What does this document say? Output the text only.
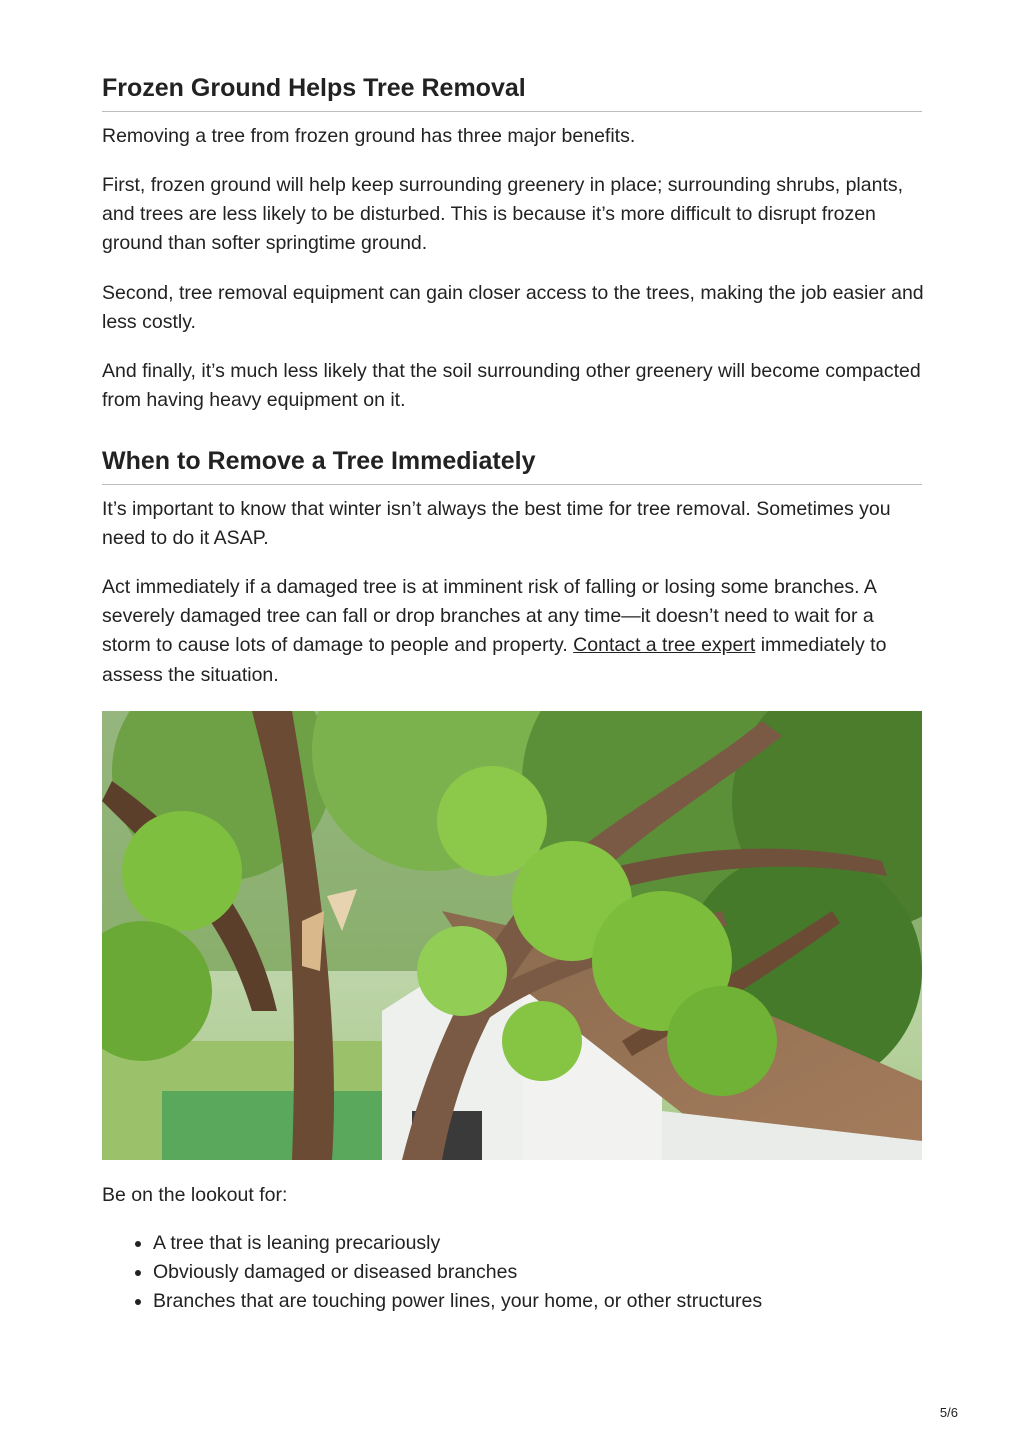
Frozen Ground Helps Tree Removal

Removing a tree from frozen ground has three major benefits.

First, frozen ground will help keep surrounding greenery in place; surrounding shrubs, plants, and trees are less likely to be disturbed. This is because it’s more difficult to disrupt frozen ground than softer springtime ground.

Second, tree removal equipment can gain closer access to the trees, making the job easier and less costly.

And finally, it’s much less likely that the soil surrounding other greenery will become compacted from having heavy equipment on it.

When to Remove a Tree Immediately

It’s important to know that winter isn’t always the best time for tree removal. Sometimes you need to do it ASAP.

Act immediately if a damaged tree is at imminent risk of falling or losing some branches. A severely damaged tree can fall or drop branches at any time—it doesn’t need to wait for a storm to cause lots of damage to people and property. Contact a tree expert immediately to assess the situation.

Be on the lookout for:

A tree that is leaning precariously
Obviously damaged or diseased branches
Branches that are touching power lines, your home, or other structures
5/6
